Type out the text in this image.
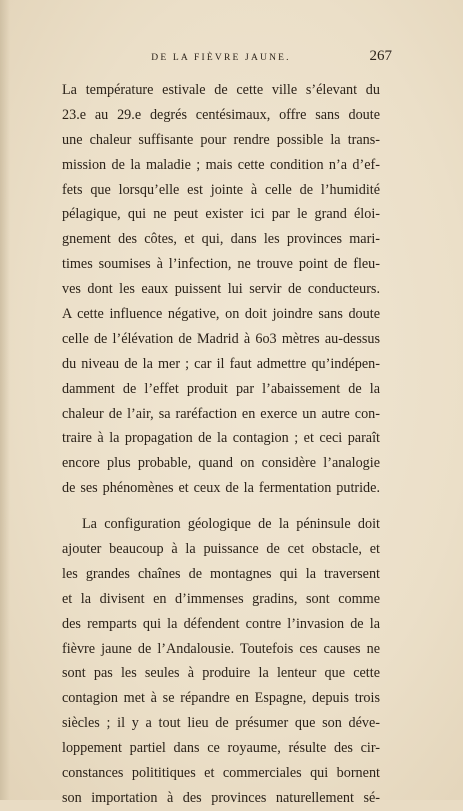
DE LA FIÈVRE JAUNE.	267
La température estivale de cette ville s’élevant du
23.e au 29.e degrés centésimaux, offre sans doute
une chaleur suffisante pour rendre possible la trans-
mission de la maladie ; mais cette condition n’a d’ef-
fets que lorsqu’elle est jointe à celle de l’humidité
pélagique, qui ne peut exister ici par le grand éloi-
gnement des côtes, et qui, dans les provinces mari-
times soumises à l’infection, ne trouve point de fleu-
ves dont les eaux puissent lui servir de conducteurs.
A cette influence négative, on doit joindre sans doute
celle de l’élévation de Madrid à 6o3 mètres au-dessus
du niveau de la mer ; car il faut admettre qu’indépen-
damment de l’effet produit par l’abaissement de la
chaleur de l’air, sa raréfaction en exerce un autre con-
traire à la propagation de la contagion ; et ceci paraît
encore plus probable, quand on considère l’analogie
de ses phénomènes et ceux de la fermentation putride.
La configuration géologique de la péninsule doit
ajouter beaucoup à la puissance de cet obstacle, et
les grandes chaînes de montagnes qui la traversent
et la divisent en d’immenses gradins, sont comme
des remparts qui la défendent contre l’invasion de la
fièvre jaune de l’Andalousie. Toutefois ces causes ne
sont pas les seules à produire la lenteur que cette
contagion met à se répandre en Espagne, depuis trois
siècles ; il y a tout lieu de présumer que son déve-
loppement partiel dans ce royaume, résulte des cir-
constances polititiques et commerciales qui bornent
son importation à des provinces naturellement sé-
